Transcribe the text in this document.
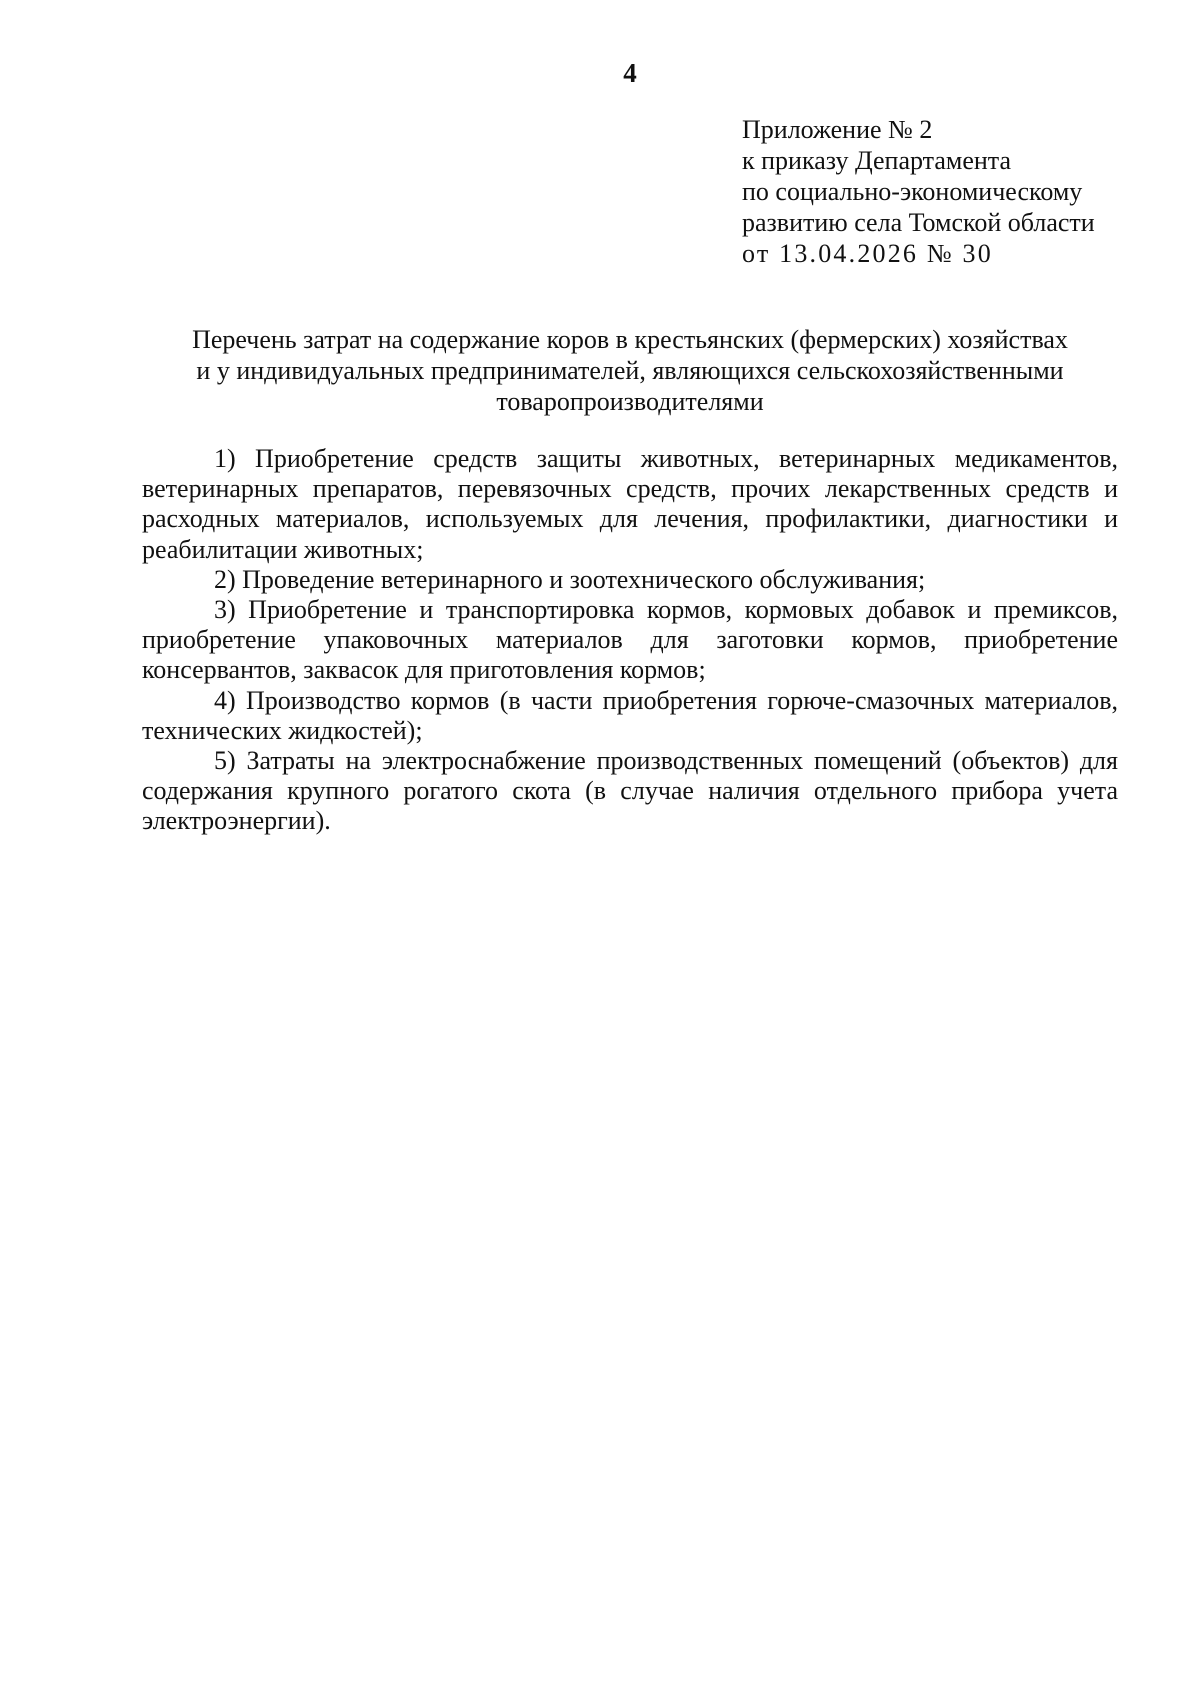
4
Приложение № 2
к приказу Департамента
по социально-экономическому
развитию села Томской области
от 13.04.2026 № 30
Перечень затрат на содержание коров в крестьянских (фермерских) хозяйствах
и у индивидуальных предпринимателей, являющихся сельскохозяйственными
товаропроизводителями

1) Приобретение средств защиты животных, ветеринарных медикаментов, ветеринарных препаратов, перевязочных средств, прочих лекарственных средств и расходных материалов, используемых для лечения, профилактики, диагностики и реабилитации животных;

2) Проведение ветеринарного и зоотехнического обслуживания;

3) Приобретение и транспортировка кормов, кормовых добавок и премиксов, приобретение упаковочных материалов для заготовки кормов, приобретение консервантов, заквасок для приготовления кормов;

4) Производство кормов (в части приобретения горюче-смазочных материалов, технических жидкостей);

5) Затраты на электроснабжение производственных помещений (объектов) для содержания крупного рогатого скота (в случае наличия отдельного прибора учета электроэнергии).
